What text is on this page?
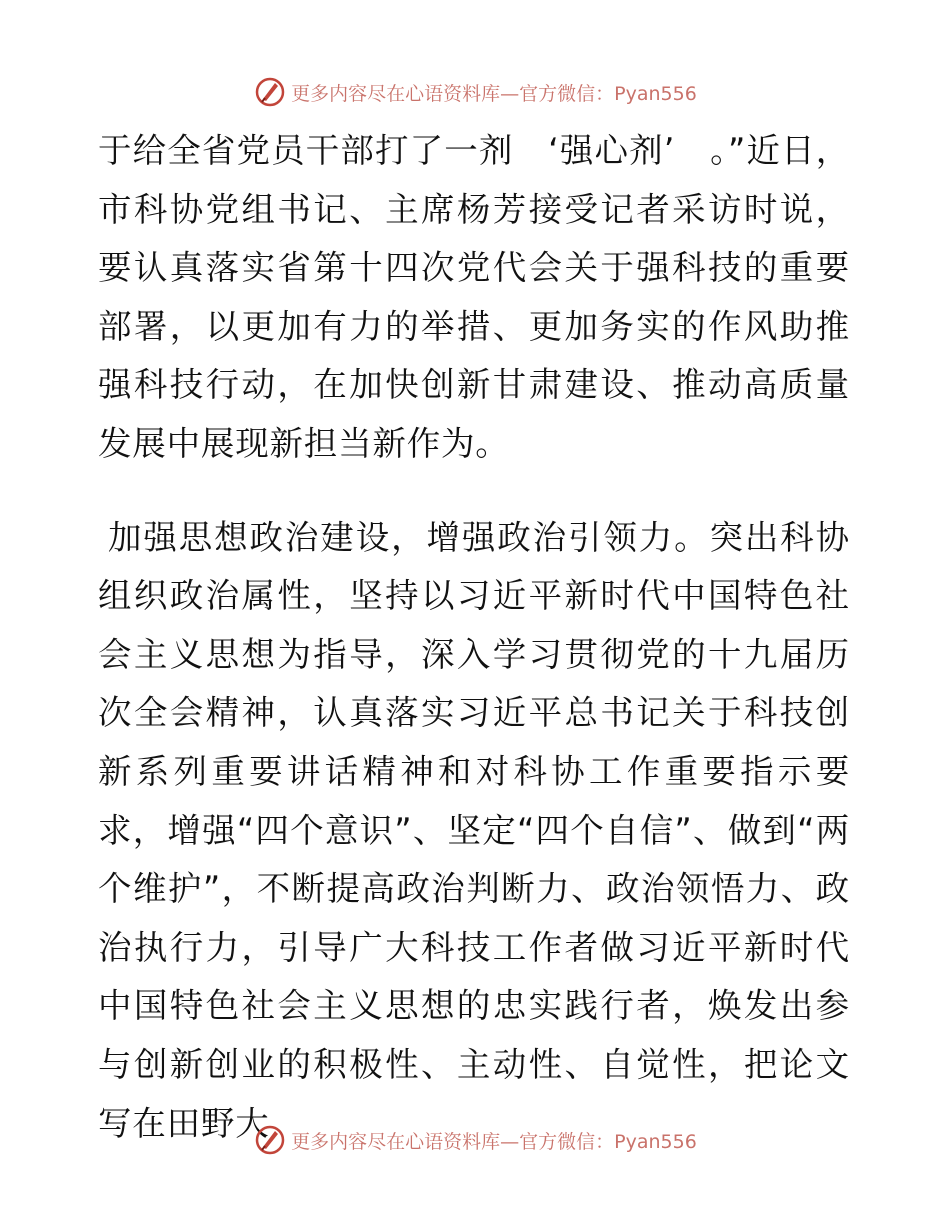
更多内容尽在心语资料库—官方微信：Pyan556

于给全省党员干部打了一剂　‘强心剂’　。”近日，市科协党组书记、主席杨芳接受记者采访时说，要认真落实省第十四次党代会关于强科技的重要部署，以更加有力的举措、更加务实的作风助推强科技行动，在加快创新甘肃建设、推动高质量发展中展现新担当新作为。

加强思想政治建设，增强政治引领力。突出科协组织政治属性，坚持以习近平新时代中国特色社会主义思想为指导，深入学习贯彻党的十九届历次全会精神，认真落实习近平总书记关于科技创新系列重要讲话精神和对科协工作重要指示要求，增强“四个意识”、坚定“四个自信”、做到“两个维护”，不断提高政治判断力、政治领悟力、政治执行力，引导广大科技工作者做习近平新时代中国特色社会主义思想的忠实践行者，焕发出参与创新创业的积极性、主动性、自觉性，把论文写在田野大	更多内容尽在心语资料库—官方微信：Pyan556
